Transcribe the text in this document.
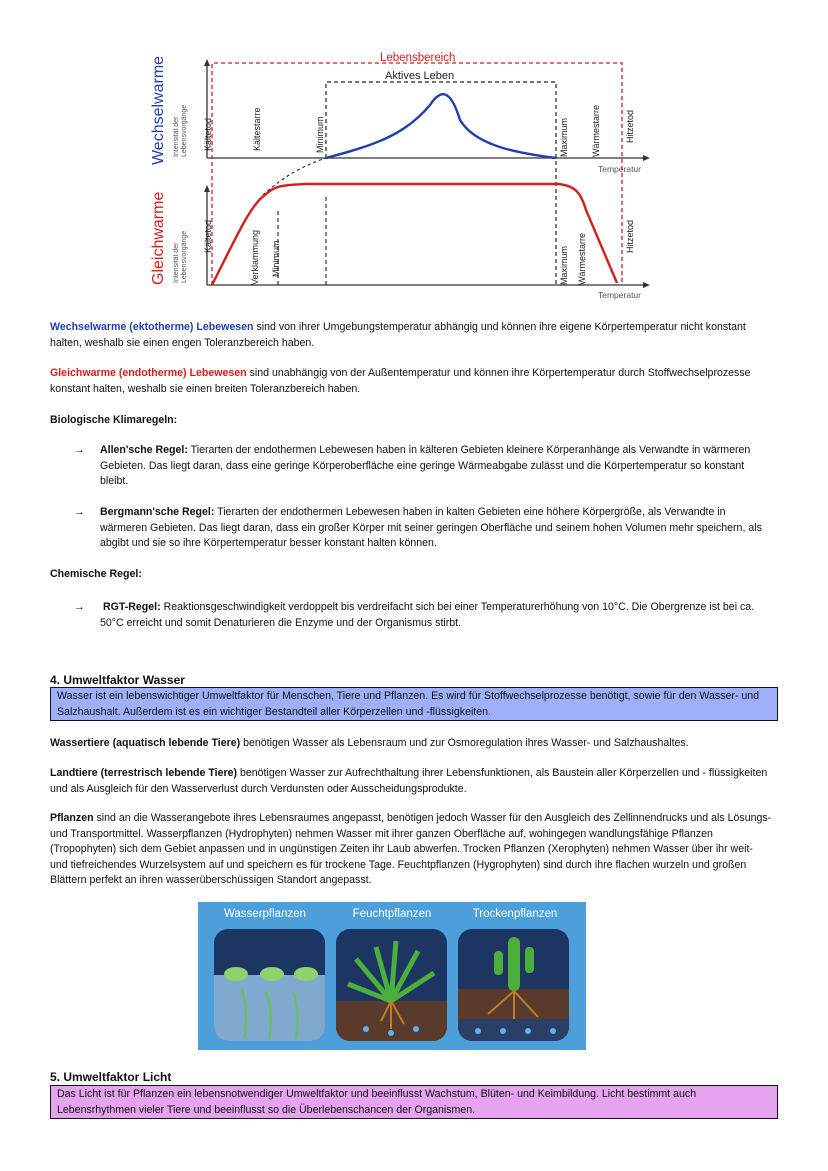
Wechselwarme
Gleichwarme
Intensität der Lebensvorgänge
Intensität der Lebensvorgänge
Temperatur
Temperatur
Lebensbereich
Aktives Leben
Kältetod	Kältestarre	Minimum	Maximum Wärmestarre	Hitzetod
Kältetod	Verklammung Minimum	Maximum Wärmestarre	Hitzetod
Wechselwarme (ektotherme) Lebewesen sind von ihrer Umgebungstemperatur abhängig und können ihre eigene Körpertemperatur nicht konstant halten, weshalb sie einen engen Toleranzbereich haben.
Gleichwarme (endotherme) Lebewesen sind unabhängig von der Außentemperatur und können ihre Körpertemperatur durch Stoffwechselprozesse konstant halten, weshalb sie einen breiten Toleranzbereich haben.
Biologische Klimaregeln:
→ Allen'sche Regel: Tierarten der endothermen Lebewesen haben in kälteren Gebieten kleinere Körperanhänge als Verwandte in wärmeren Gebieten. Das liegt daran, dass eine geringe Körperoberfläche eine geringe Wärmeabgabe zulässt und die Körpertemperatur so konstant bleibt.
→ Bergmann'sche Regel: Tierarten der endothermen Lebewesen haben in kalten Gebieten eine höhere Körpergröße, als Verwandte in wärmeren Gebieten. Das liegt daran, dass ein großer Körper mit seiner geringen Oberfläche und seinem hohen Volumen mehr speichern, als abgibt und sie so ihre Körpertemperatur besser konstant halten können.
Chemische Regel:
→ RGT-Regel: Reaktionsgeschwindigkeit verdoppelt bis verdreifacht sich bei einer Temperaturerhöhung von 10°C. Die Obergrenze ist bei ca. 50°C erreicht und somit Denaturieren die Enzyme und der Organismus stirbt.
4. Umweltfaktor Wasser
Wasser ist ein lebenswichtiger Umweltfaktor für Menschen, Tiere und Pflanzen. Es wird für Stoffwechselprozesse benötigt, sowie für den Wasser- und Salzhaushalt. Außerdem ist es ein wichtiger Bestandteil aller Körperzellen und -flüssigkeiten.
Wassertiere (aquatisch lebende Tiere) benötigen Wasser als Lebensraum und zur Osmoregulation ihres Wasser- und Salzhaushaltes.
Landtiere (terrestrisch lebende Tiere) benötigen Wasser zur Aufrechthaltung ihrer Lebensfunktionen, als Baustein aller Körperzellen und - flüssigkeiten und als Ausgleich für den Wasserverlust durch Verdunsten oder Ausscheidungsprodukte.
Pflanzen sind an die Wasserangebote ihres Lebensraumes angepasst, benötigen jedoch Wasser für den Ausgleich des Zellinnendrucks und als Lösungs- und Transportmittel. Wasserpflanzen (Hydrophyten) nehmen Wasser mit ihrer ganzen Oberfläche auf, wohingegen wandlungsfähige Pflanzen (Tropophyten) sich dem Gebiet anpassen und in ungünstigen Zeiten ihr Laub abwerfen. Trocken Pflanzen (Xerophyten) nehmen Wasser über ihr weit- und tiefreichendes Wurzelsystem auf und speichern es für trockene Tage. Feuchtpflanzen (Hygrophyten) sind durch ihre flachen wurzeln und großen Blättern perfekt an ihren wasserüberschüssigen Standort angepasst.
Wasserpflanzen	Feuchtpflanzen	Trockenpflanzen
5. Umweltfaktor Licht
Das Licht ist für Pflanzen ein lebensnotwendiger Umweltfaktor und beeinflusst Wachstum, Blüten- und Keimbildung. Licht bestimmt auch Lebensrhythmen vieler Tiere und beeinflusst so die Überlebenschancen der Organismen.
